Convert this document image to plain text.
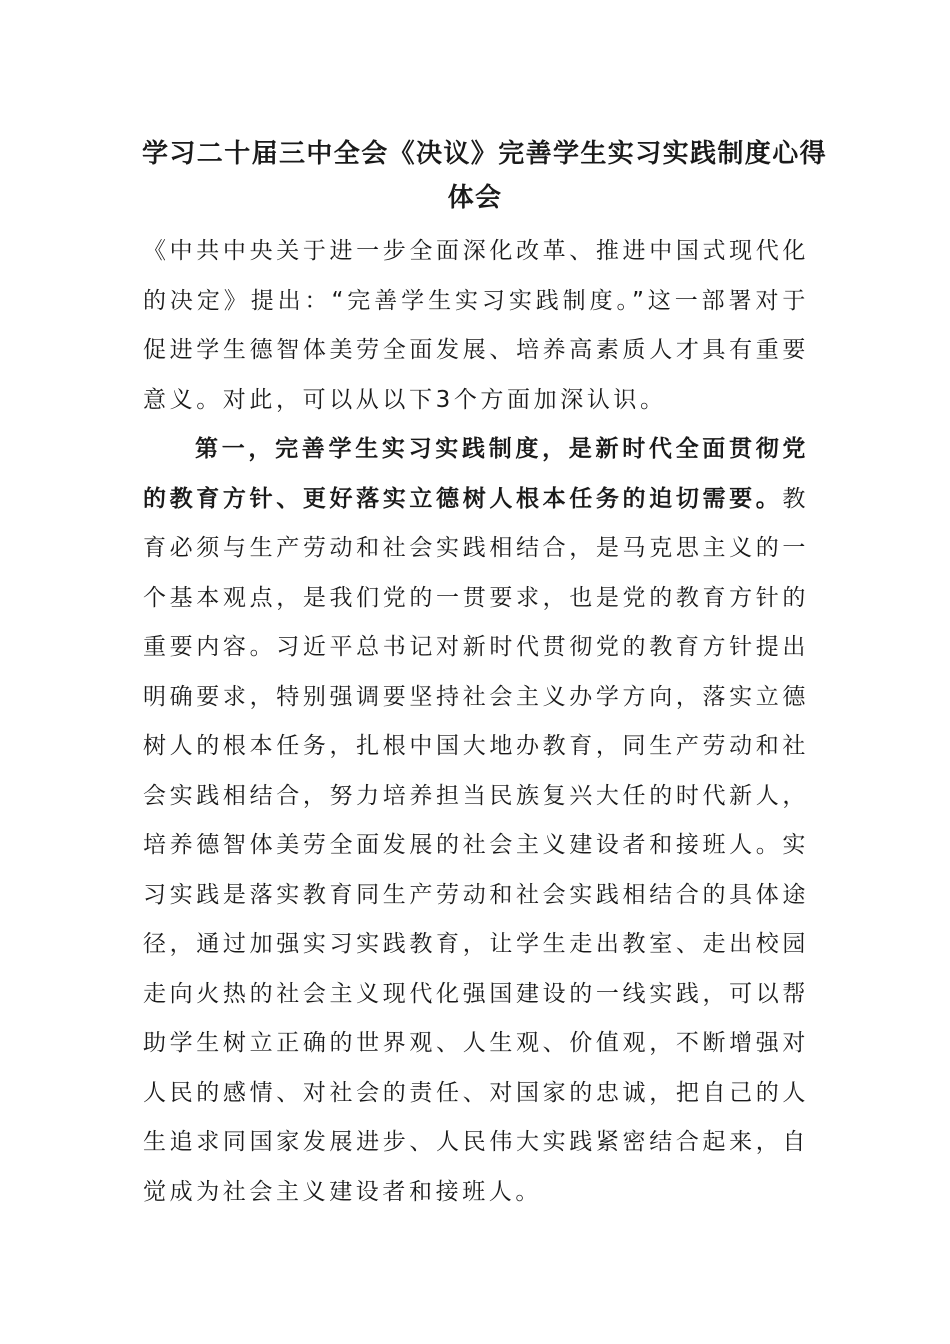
学习二十届三中全会《决议》完善学生实习实践制度心得
体会

《中共中央关于进一步全面深化改革、推进中国式现代化的决定》提出：“完善学生实习实践制度。”这一部署对于促进学生德智体美劳全面发展、培养高素质人才具有重要意义。对此，可以从以下3个方面加深认识。

第一，完善学生实习实践制度，是新时代全面贯彻党的教育方针、更好落实立德树人根本任务的迫切需要。教育必须与生产劳动和社会实践相结合，是马克思主义的一个基本观点，是我们党的一贯要求，也是党的教育方针的重要内容。习近平总书记对新时代贯彻党的教育方针提出明确要求，特别强调要坚持社会主义办学方向，落实立德树人的根本任务，扎根中国大地办教育，同生产劳动和社会实践相结合，努力培养担当民族复兴大任的时代新人，培养德智体美劳全面发展的社会主义建设者和接班人。实习实践是落实教育同生产劳动和社会实践相结合的具体途径，通过加强实习实践教育，让学生走出教室、走出校园走向火热的社会主义现代化强国建设的一线实践，可以帮助学生树立正确的世界观、人生观、价值观，不断增强对人民的感情、对社会的责任、对国家的忠诚，把自己的人生追求同国家发展进步、人民伟大实践紧密结合起来，自觉成为社会主义建设者和接班人。
